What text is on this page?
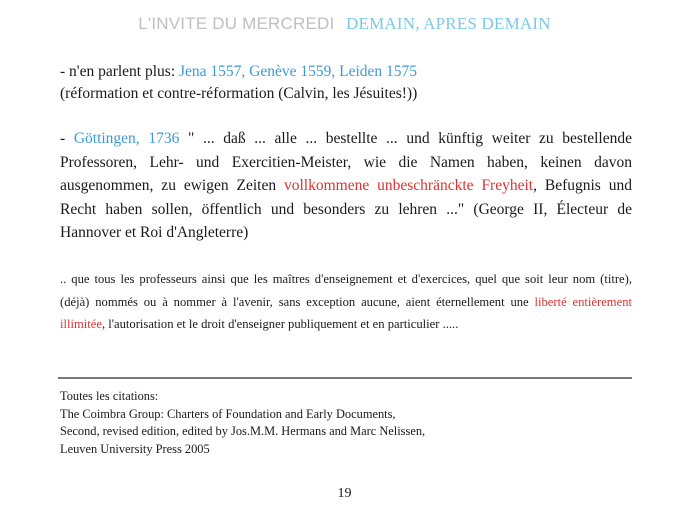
L'INVITE DU MERCREDI DEMAIN, APRES DEMAIN
- n'en parlent plus: Jena 1557, Genève 1559, Leiden 1575
(réformation et contre-réformation (Calvin, les Jésuites!))
- Göttingen, 1736 " ... daß ... alle ... bestellte ... und künftig weiter zu bestellende Professoren, Lehr- und Exercitien-Meister, wie die Namen haben, keinen davon ausgenommen, zu ewigen Zeiten vollkommene unbeschränckte Freyheit, Befugnis und Recht haben sollen, öffentlich und besonders zu lehren ..." (George II, Électeur de Hannover et Roi d'Angleterre)
.. que tous les professeurs ainsi que les maîtres d'enseignement et d'exercices, quel que soit leur nom (titre), (déjà) nommés ou à nommer à l'avenir, sans exception aucune, aient éternellement une liberté entièrement illimitée, l'autorisation et le droit d'enseigner publiquement et en particulier .....
Toutes les citations:
The Coimbra Group: Charters of Foundation and Early Documents,
Second, revised edition, edited by Jos.M.M. Hermans and Marc Nelissen,
Leuven University Press 2005
19
